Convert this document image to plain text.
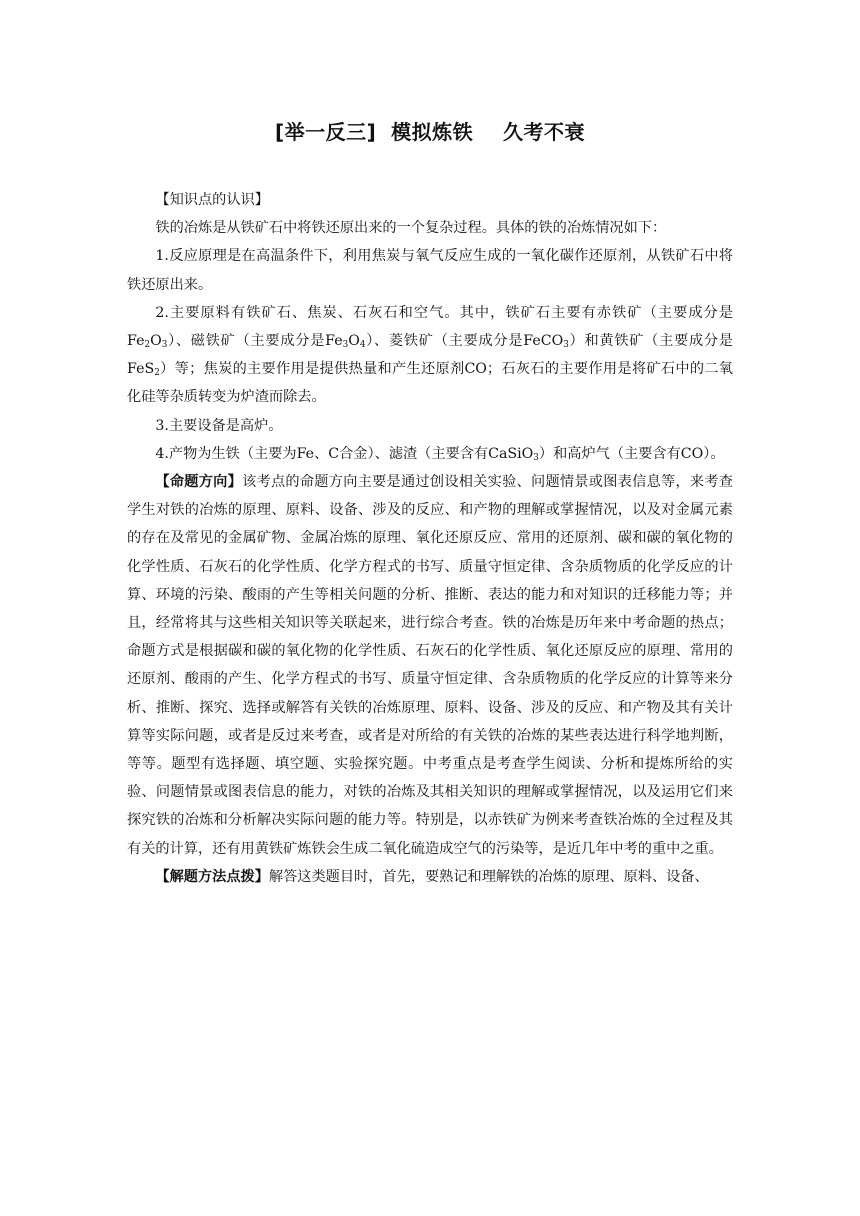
[举一反三]  模拟炼铁    久考不衰

【知识点的认识】

铁的冶炼是从铁矿石中将铁还原出来的一个复杂过程。具体的铁的冶炼情况如下：

1.反应原理是在高温条件下，利用焦炭与氧气反应生成的一氧化碳作还原剂，从铁矿石中将铁还原出来。

2.主要原料有铁矿石、焦炭、石灰石和空气。其中，铁矿石主要有赤铁矿（主要成分是$Fe_2O_3$）、磁铁矿（主要成分是$Fe_3O_4$）、菱铁矿（主要成分是FeCO$_3$）和黄铁矿（主要成分是FeS$_2$）等；焦炭的主要作用是提供热量和产生还原剂CO；石灰石的主要作用是将矿石中的二氧化硅等杂质转变为炉渣而除去。

3.主要设备是高炉。

4.产物为生铁（主要为Fe、C合金）、滤渣（主要含有CaSiO$_3$）和高炉气（主要含有CO）。

【命题方向】该考点的命题方向主要是通过创设相关实验、问题情景或图表信息等，来考查学生对铁的冶炼的原理、原料、设备、涉及的反应、和产物的理解或掌握情况，以及对金属元素的存在及常见的金属矿物、金属冶炼的原理、氧化还原反应、常用的还原剂、碳和碳的氧化物的化学性质、石灰石的化学性质、化学方程式的书写、质量守恒定律、含杂质物质的化学反应的计算、环境的污染、酸雨的产生等相关问题的分析、推断、表达的能力和对知识的迁移能力等；并且，经常将其与这些相关知识等关联起来，进行综合考查。铁的冶炼是历年来中考命题的热点；命题方式是根据碳和碳的氧化物的化学性质、石灰石的化学性质、氧化还原反应的原理、常用的还原剂、酸雨的产生、化学方程式的书写、质量守恒定律、含杂质物质的化学反应的计算等来分析、推断、探究、选择或解答有关铁的冶炼原理、原料、设备、涉及的反应、和产物及其有关计算等实际问题，或者是反过来考查，或者是对所给的有关铁的冶炼的某些表达进行科学地判断，等等。题型有选择题、填空题、实验探究题。中考重点是考查学生阅读、分析和提炼所给的实验、问题情景或图表信息的能力，对铁的冶炼及其相关知识的理解或掌握情况，以及运用它们来探究铁的冶炼和分析解决实际问题的能力等。特别是，以赤铁矿为例来考查铁冶炼的全过程及其有关的计算，还有用黄铁矿炼铁会生成二氧化硫造成空气的污染等，是近几年中考的重中之重。

【解题方法点拨】解答这类题目时，首先，要熟记和理解铁的冶炼的原理、原料、设备、
